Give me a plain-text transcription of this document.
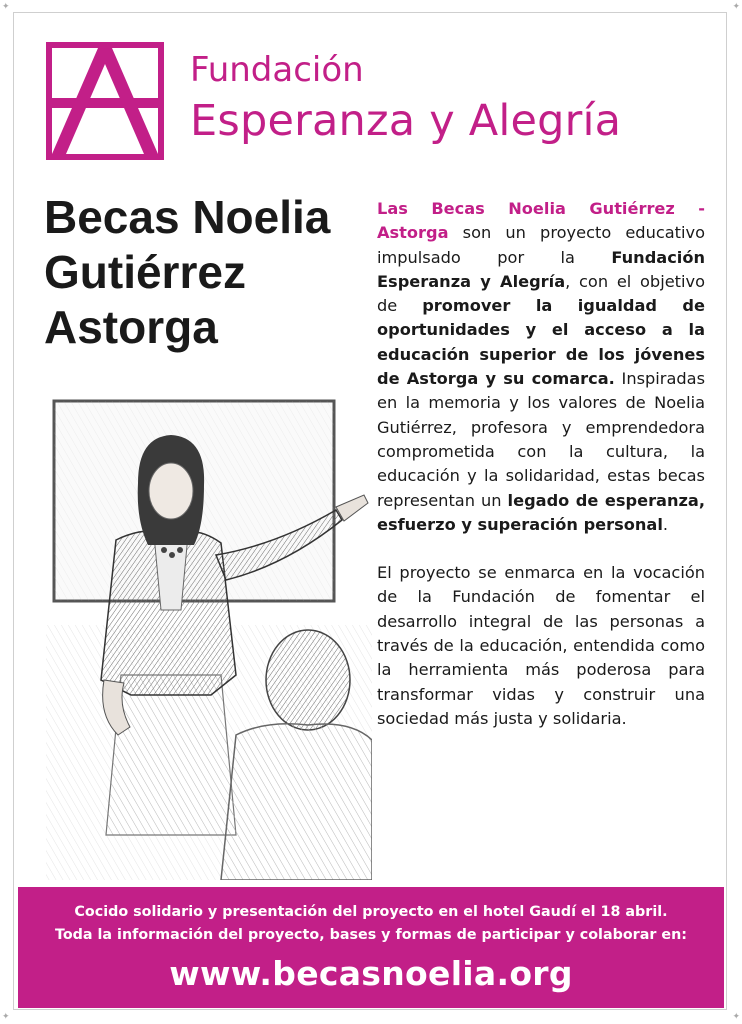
✦	✦
✦	✦
Fundación
Esperanza y Alegría
Becas Noelia
Gutiérrez
Astorga

Las Becas Noelia Gutiérrez - Astorga son un proyecto educativo impulsado por la Fundación Esperanza y Alegría, con el objetivo de promover la igualdad de oportunidades y el acceso a la educación superior de los jóvenes de Astorga y su comarca. Inspiradas en la memoria y los valores de Noelia Gutiérrez, profesora y emprendedora comprometida con la cultura, la educación y la solidaridad, estas becas representan un legado de esperanza, esfuerzo y superación personal.

El proyecto se enmarca en la vocación de la Fundación de fomentar el desarrollo integral de las personas a través de la educación, entendida como la herramienta más poderosa para transformar vidas y construir una sociedad más justa y solidaria.

Cocido solidario y presentación del proyecto en el hotel Gaudí el 18 abril.
Toda la información del proyecto, bases y formas de participar y colaborar en:
www.becasnoelia.org
